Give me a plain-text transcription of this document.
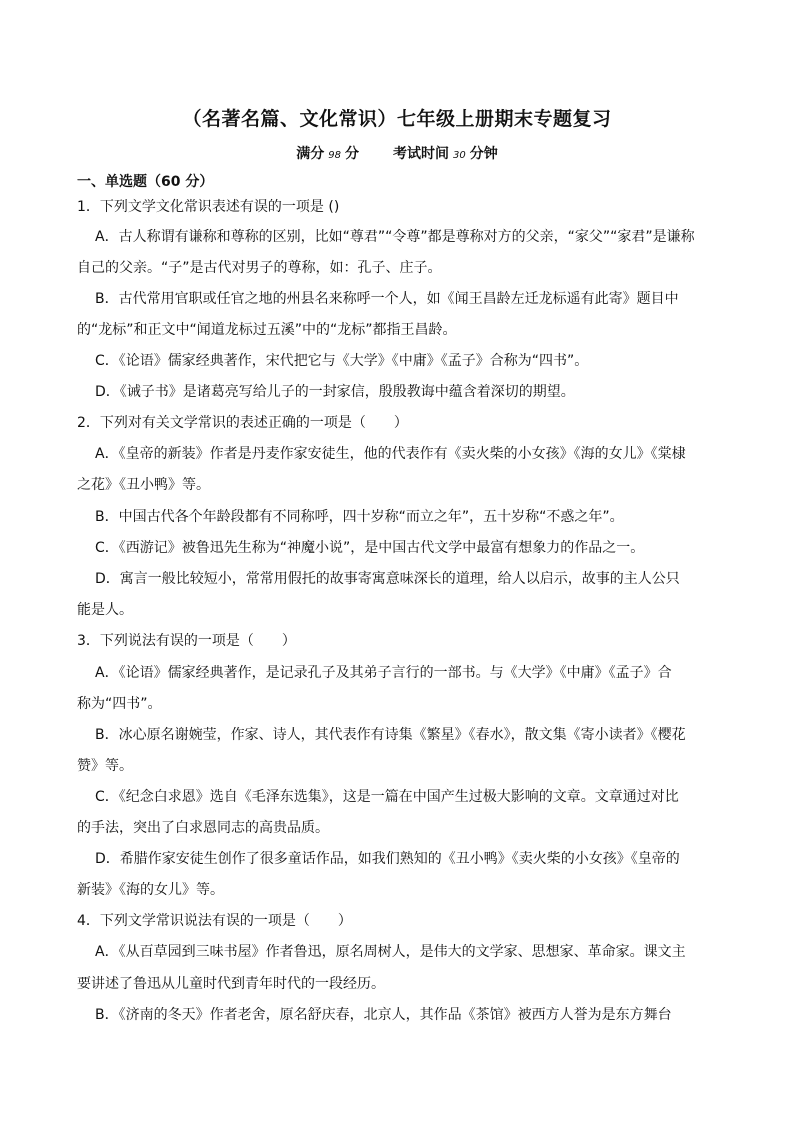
（名著名篇、文化常识）七年级上册期末专题复习
满分 98 分 考试时间 30 分钟
一、单选题（60 分）
1．下列文学文化常识表述有误的一项是 ()
A．古人称谓有谦称和尊称的区别，比如“尊君”“令尊”都是尊称对方的父亲，“家父”“家君”是谦称
自己的父亲。“子”是古代对男子的尊称，如：孔子、庄子。
B．古代常用官职或任官之地的州县名来称呼一个人，如《闻王昌龄左迁龙标遥有此寄》题目中
的“龙标”和正文中“闻道龙标过五溪”中的“龙标”都指王昌龄。
C．《论语》儒家经典著作，宋代把它与《大学》《中庸》《孟子》合称为“四书”。
D．《诫子书》是诸葛亮写给儿子的一封家信，殷殷教诲中蕴含着深切的期望。
2．下列对有关文学常识的表述正确的一项是（　　）
A．《皇帝的新装》作者是丹麦作家安徒生，他的代表作有《卖火柴的小女孩》《海的女儿》《棠棣
之花》《丑小鸭》等。
B．中国古代各个年龄段都有不同称呼，四十岁称“而立之年”，五十岁称“不惑之年”。
C．《西游记》被鲁迅先生称为“神魔小说”，是中国古代文学中最富有想象力的作品之一。
D．寓言一般比较短小，常常用假托的故事寄寓意味深长的道理，给人以启示，故事的主人公只
能是人。
3．下列说法有误的一项是（　　）
A．《论语》儒家经典著作，是记录孔子及其弟子言行的一部书。与《大学》《中庸》《孟子》合
称为“四书”。
B．冰心原名谢婉莹，作家、诗人，其代表作有诗集《繁星》《春水》，散文集《寄小读者》《樱花
赞》等。
C．《纪念白求恩》选自《毛泽东选集》，这是一篇在中国产生过极大影响的文章。文章通过对比
的手法，突出了白求恩同志的高贵品质。
D．希腊作家安徒生创作了很多童话作品，如我们熟知的《丑小鸭》《卖火柴的小女孩》《皇帝的
新装》《海的女儿》等。
4．下列文学常识说法有误的一项是（　　）
A．《从百草园到三味书屋》作者鲁迅，原名周树人，是伟大的文学家、思想家、革命家。课文主
要讲述了鲁迅从儿童时代到青年时代的一段经历。
B．《济南的冬天》作者老舍，原名舒庆春，北京人，其作品《茶馆》被西方人誉为是东方舞台
